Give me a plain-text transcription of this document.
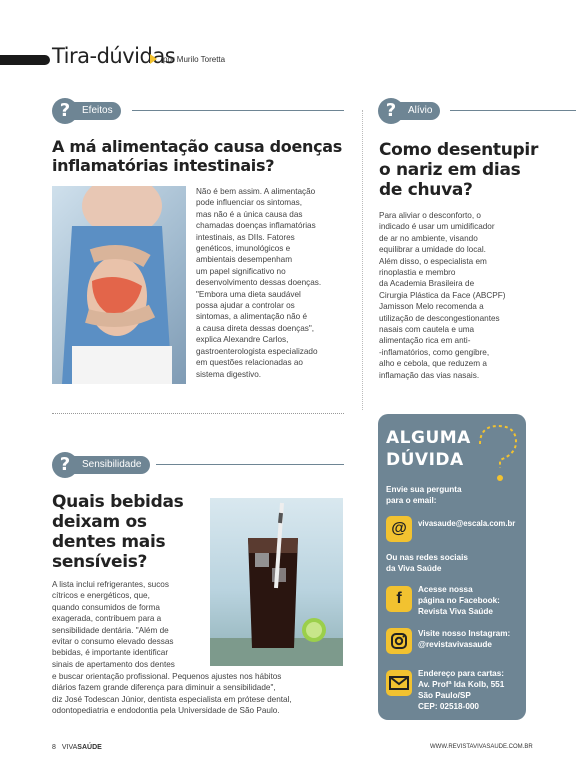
Tira-dúvidas
por Murilo Toretta
?	Efeitos
A má alimentação causa doenças
inflamatórias intestinais?
Não é bem assim. A alimentação
pode influenciar os sintomas,
mas não é a única causa das
chamadas doenças inflamatórias
intestinais, as DIIs. Fatores
genéticos, imunológicos e
ambientais desempenham
um papel significativo no
desenvolvimento dessas doenças.
"Embora uma dieta saudável
possa ajudar a controlar os
sintomas, a alimentação não é
a causa direta dessas doenças",
explica Alexandre Carlos,
gastroenterologista especializado
em questões relacionadas ao
sistema digestivo.
?	Alívio
Como desentupir
o nariz em dias
de chuva?
Para aliviar o desconforto, o
indicado é usar um umidificador
de ar no ambiente, visando
equilibrar a umidade do local.
Além disso, o especialista em
rinoplastia e membro
da Academia Brasileira de
Cirurgia Plástica da Face (ABCPF)
Jamisson Melo recomenda a
utilização de descongestionantes
nasais com cautela e uma
alimentação rica em anti-
-inflamatórios, como gengibre,
alho e cebola, que reduzem a
inflamação das vias nasais.
?	Sensibilidade
Quais bebidas
deixam os
dentes mais
sensíveis?
A lista inclui refrigerantes, sucos
cítricos e energéticos, que,
quando consumidos de forma
exagerada, contribuem para a
sensibilidade dentária. "Além de
evitar o consumo elevado dessas
bebidas, é importante identificar
sinais de apertamento dos dentes
e buscar orientação profissional. Pequenos ajustes nos hábitos
diários fazem grande diferença para diminuir a sensibilidade",
diz José Todescan Júnior, dentista especialista em prótese dental,
odontopediatria e endodontia pela Universidade de São Paulo.
ALGUMA
DÚVIDA
Envie sua pergunta
para o email:
@	vivasaude@escala.com.br
Ou nas redes sociais
da Viva Saúde
f
Acesse nossa
página no Facebook:
Revista Viva Saúde
Visite nosso Instagram:
@revistavivasaude
Endereço para cartas:
Av. Profª Ida Kolb, 551
São Paulo/SP
CEP: 02518-000
8 VIVASAÚDE	WWW.REVISTAVIVASAUDE.COM.BR
